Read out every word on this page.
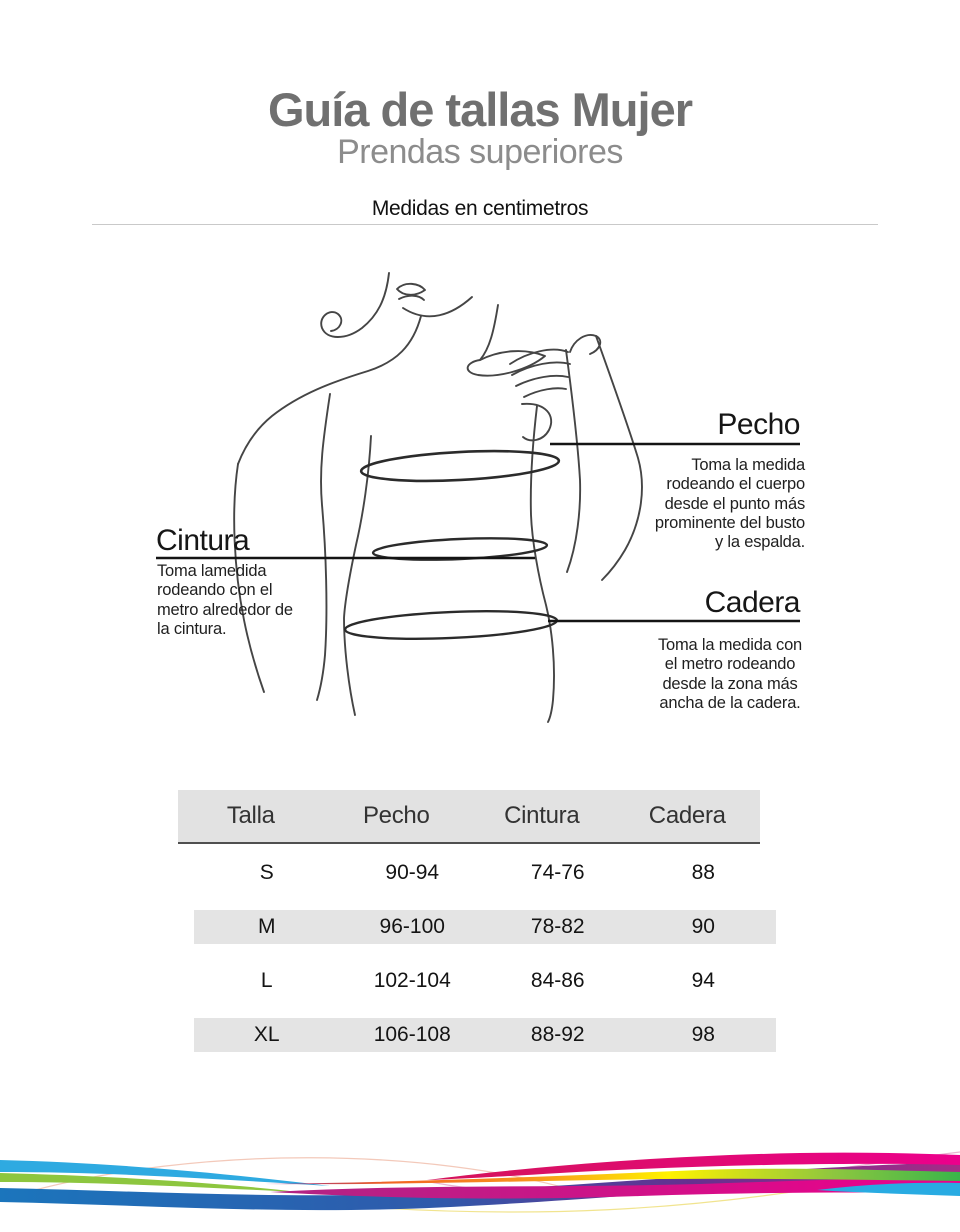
Guía de tallas Mujer
Prendas superiores
Medidas en centimetros
Pecho
Toma la medida
rodeando el cuerpo
desde el punto más
prominente del busto
y la espalda.
Cintura
Toma lamedida
rodeando con el
metro alrededor de
la cintura.
Cadera
Toma la medida con
el metro rodeando
desde la zona más
ancha de la cadera.
Talla	Pecho	Cintura	Cadera
S	90-94	74-76	88
M	96-100	78-82	90
L	102-104	84-86	94
XL	106-108	88-92	98
